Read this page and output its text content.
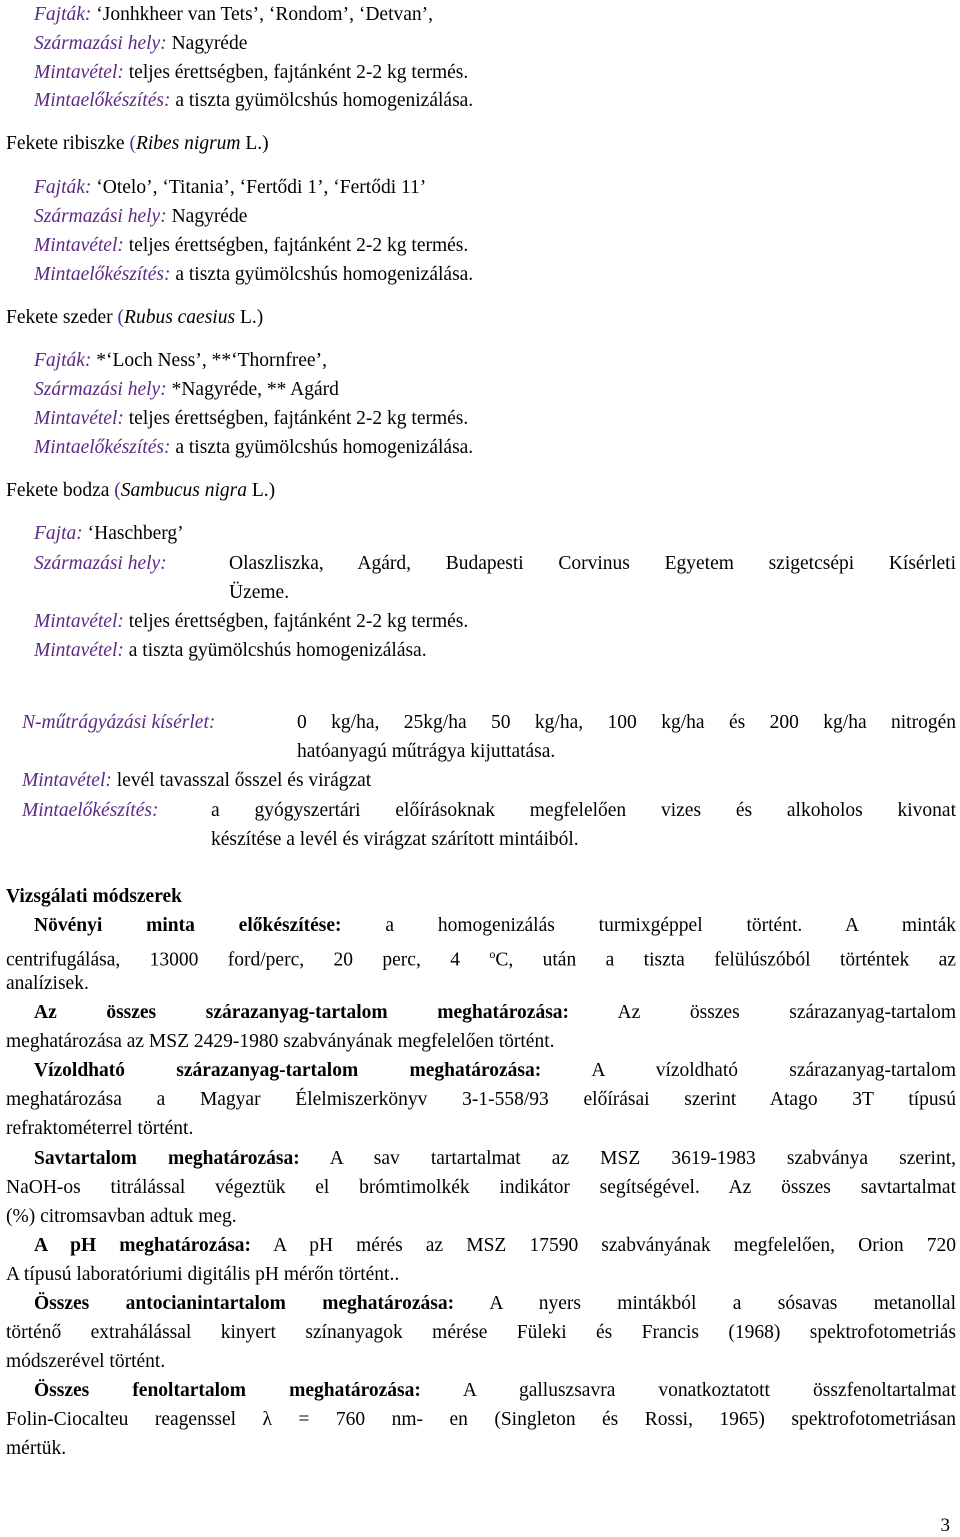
Fajták: ‘Jonhkheer van Tets’, ‘Rondom’, ‘Detvan’,
Származási hely: Nagyréde
Mintavétel: teljes érettségben, fajtánként 2-2 kg termés.
Mintaelőkészítés: a tiszta gyümölcshús homogenizálása.
Fekete ribiszke (Ribes nigrum L.)
Fajták: ‘Otelo’, ‘Titania’, ‘Fertődi 1’, ‘Fertődi 11’
Származási hely: Nagyréde
Mintavétel: teljes érettségben, fajtánként 2-2 kg termés.
Mintaelőkészítés: a tiszta gyümölcshús homogenizálása.
Fekete szeder (Rubus caesius L.)
Fajták: *‘Loch Ness’, **‘Thornfree’,
Származási hely: *Nagyréde, ** Agárd
Mintavétel: teljes érettségben, fajtánként 2-2 kg termés.
Mintaelőkészítés: a tiszta gyümölcshús homogenizálása.
Fekete bodza (Sambucus nigra L.)
Fajta: ‘Haschberg’
Származási hely:	Olaszliszka, Agárd, Budapesti Corvinus Egyetem szigetcsépi Kísérleti
Üzeme.
Mintavétel: teljes érettségben, fajtánként 2-2 kg termés.
Mintavétel: a tiszta gyümölcshús homogenizálása.
N-műtrágyázási kísérlet:	0 kg/ha, 25kg/ha 50 kg/ha, 100 kg/ha és 200 kg/ha nitrogén
hatóanyagú műtrágya kijuttatása.
Mintavétel: levél tavasszal ősszel és virágzat
Mintaelőkészítés:	a gyógyszertári előírásoknak megfelelően vizes és alkoholos kivonat
készítése a levél és virágzat szárított mintáiból.
Vizsgálati módszerek
Növényi minta előkészítése: a homogenizálás turmixgéppel történt. A minták
centrifugálása, 13000 ford/perc, 20 perc, 4 $^o$C, után a tiszta felülúszóból történtek az
analízisek.
Az összes szárazanyag-tartalom meghatározása: Az összes szárazanyag-tartalom
meghatározása az MSZ 2429-1980 szabványának megfelelően történt.
Vízoldható szárazanyag-tartalom meghatározása: A vízoldható szárazanyag-tartalom
meghatározása a Magyar Élelmiszerkönyv 3-1-558/93 előírásai szerint Atago 3T típusú
refraktométerrel történt.
Savtartalom meghatározása: A sav tartartalmat az MSZ 3619-1983 szabványa szerint,
NaOH-os titrálással végeztük el brómtimolkék indikátor segítségével. Az összes savtartalmat
(%) citromsavban adtuk meg.
A pH meghatározása: A pH mérés az MSZ 17590 szabványának megfelelően, Orion 720
A típusú laboratóriumi digitális pH mérőn történt..
Összes antocianintartalom meghatározása: A nyers mintákból a sósavas metanollal
történő extrahálással kinyert színanyagok mérése Füleki és Francis (1968) spektrofotometriás
módszerével történt.
Összes fenoltartalom meghatározása: A galluszsavra vonatkoztatott összfenoltartalmat
Folin-Ciocalteu reagenssel λ = 760 nm- en (Singleton és Rossi, 1965) spektrofotometriásan
mértük.
3
